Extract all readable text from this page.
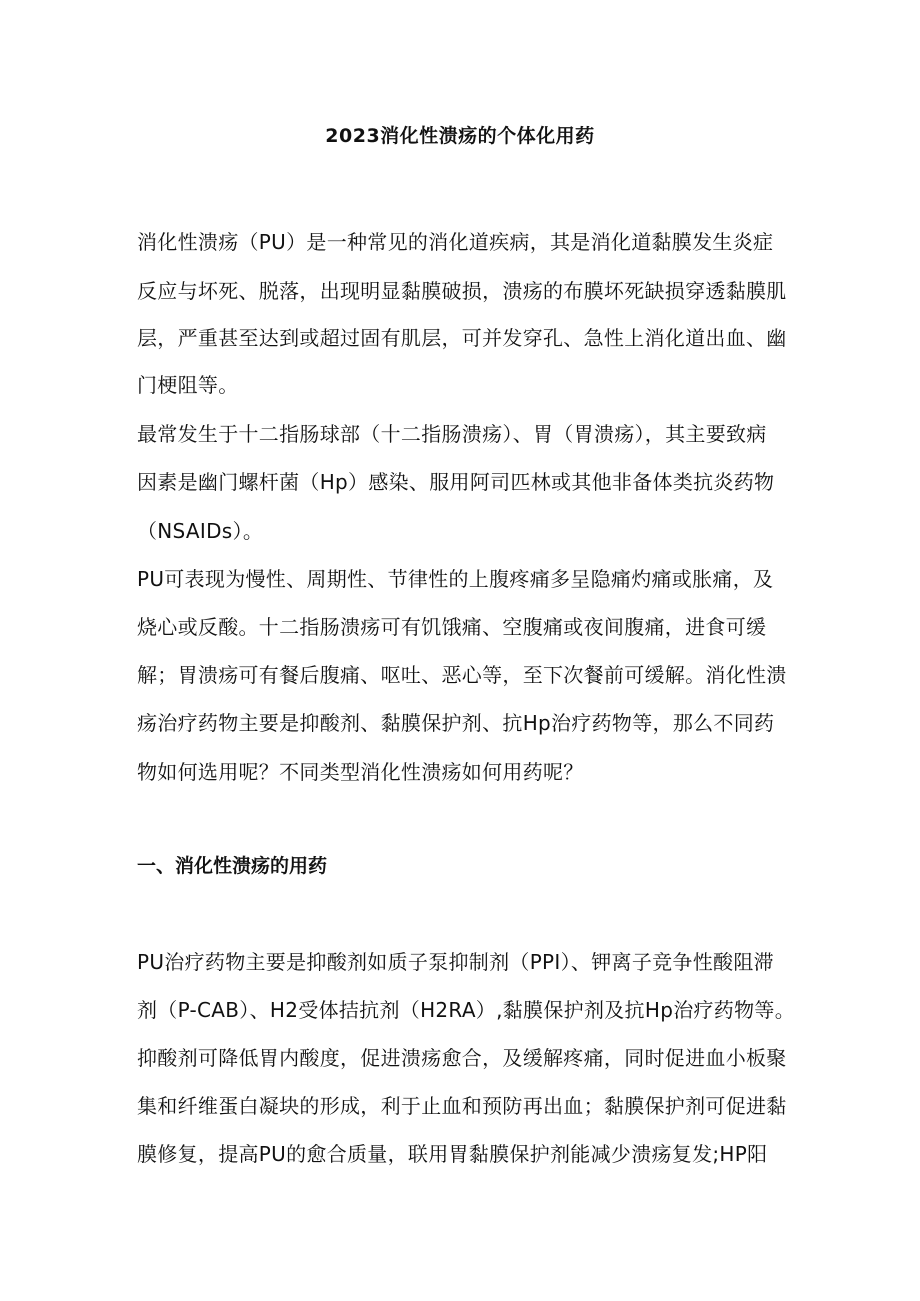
2023消化性溃疡的个体化用药
消化性溃疡（PU）是一种常见的消化道疾病，其是消化道黏膜发生炎症
反应与坏死、脱落，出现明显黏膜破损，溃疡的布膜坏死缺损穿透黏膜肌
层，严重甚至达到或超过固有肌层，可并发穿孔、急性上消化道出血、幽
门梗阻等。
最常发生于十二指肠球部（十二指肠溃疡）、胃（胃溃疡），其主要致病
因素是幽门螺杆菌（Hp）感染、服用阿司匹林或其他非备体类抗炎药物
（NSAIDs）。
PU可表现为慢性、周期性、节律性的上腹疼痛多呈隐痛灼痛或胀痛，及
烧心或反酸。十二指肠溃疡可有饥饿痛、空腹痛或夜间腹痛，进食可缓
解；胃溃疡可有餐后腹痛、呕吐、恶心等，至下次餐前可缓解。消化性溃
疡治疗药物主要是抑酸剂、黏膜保护剂、抗Hp治疗药物等，那么不同药
物如何选用呢？不同类型消化性溃疡如何用药呢？
一、消化性溃疡的用药
PU治疗药物主要是抑酸剂如质子泵抑制剂（PPI）、钾离子竞争性酸阻滞
剂（P-CAB）、H2受体拮抗剂（H2RA）,黏膜保护剂及抗Hp治疗药物等。
抑酸剂可降低胃内酸度，促进溃疡愈合，及缓解疼痛，同时促进血小板聚
集和纤维蛋白凝块的形成，利于止血和预防再出血；黏膜保护剂可促进黏
膜修复，提高PU的愈合质量，联用胃黏膜保护剂能减少溃疡复发;HP阳
